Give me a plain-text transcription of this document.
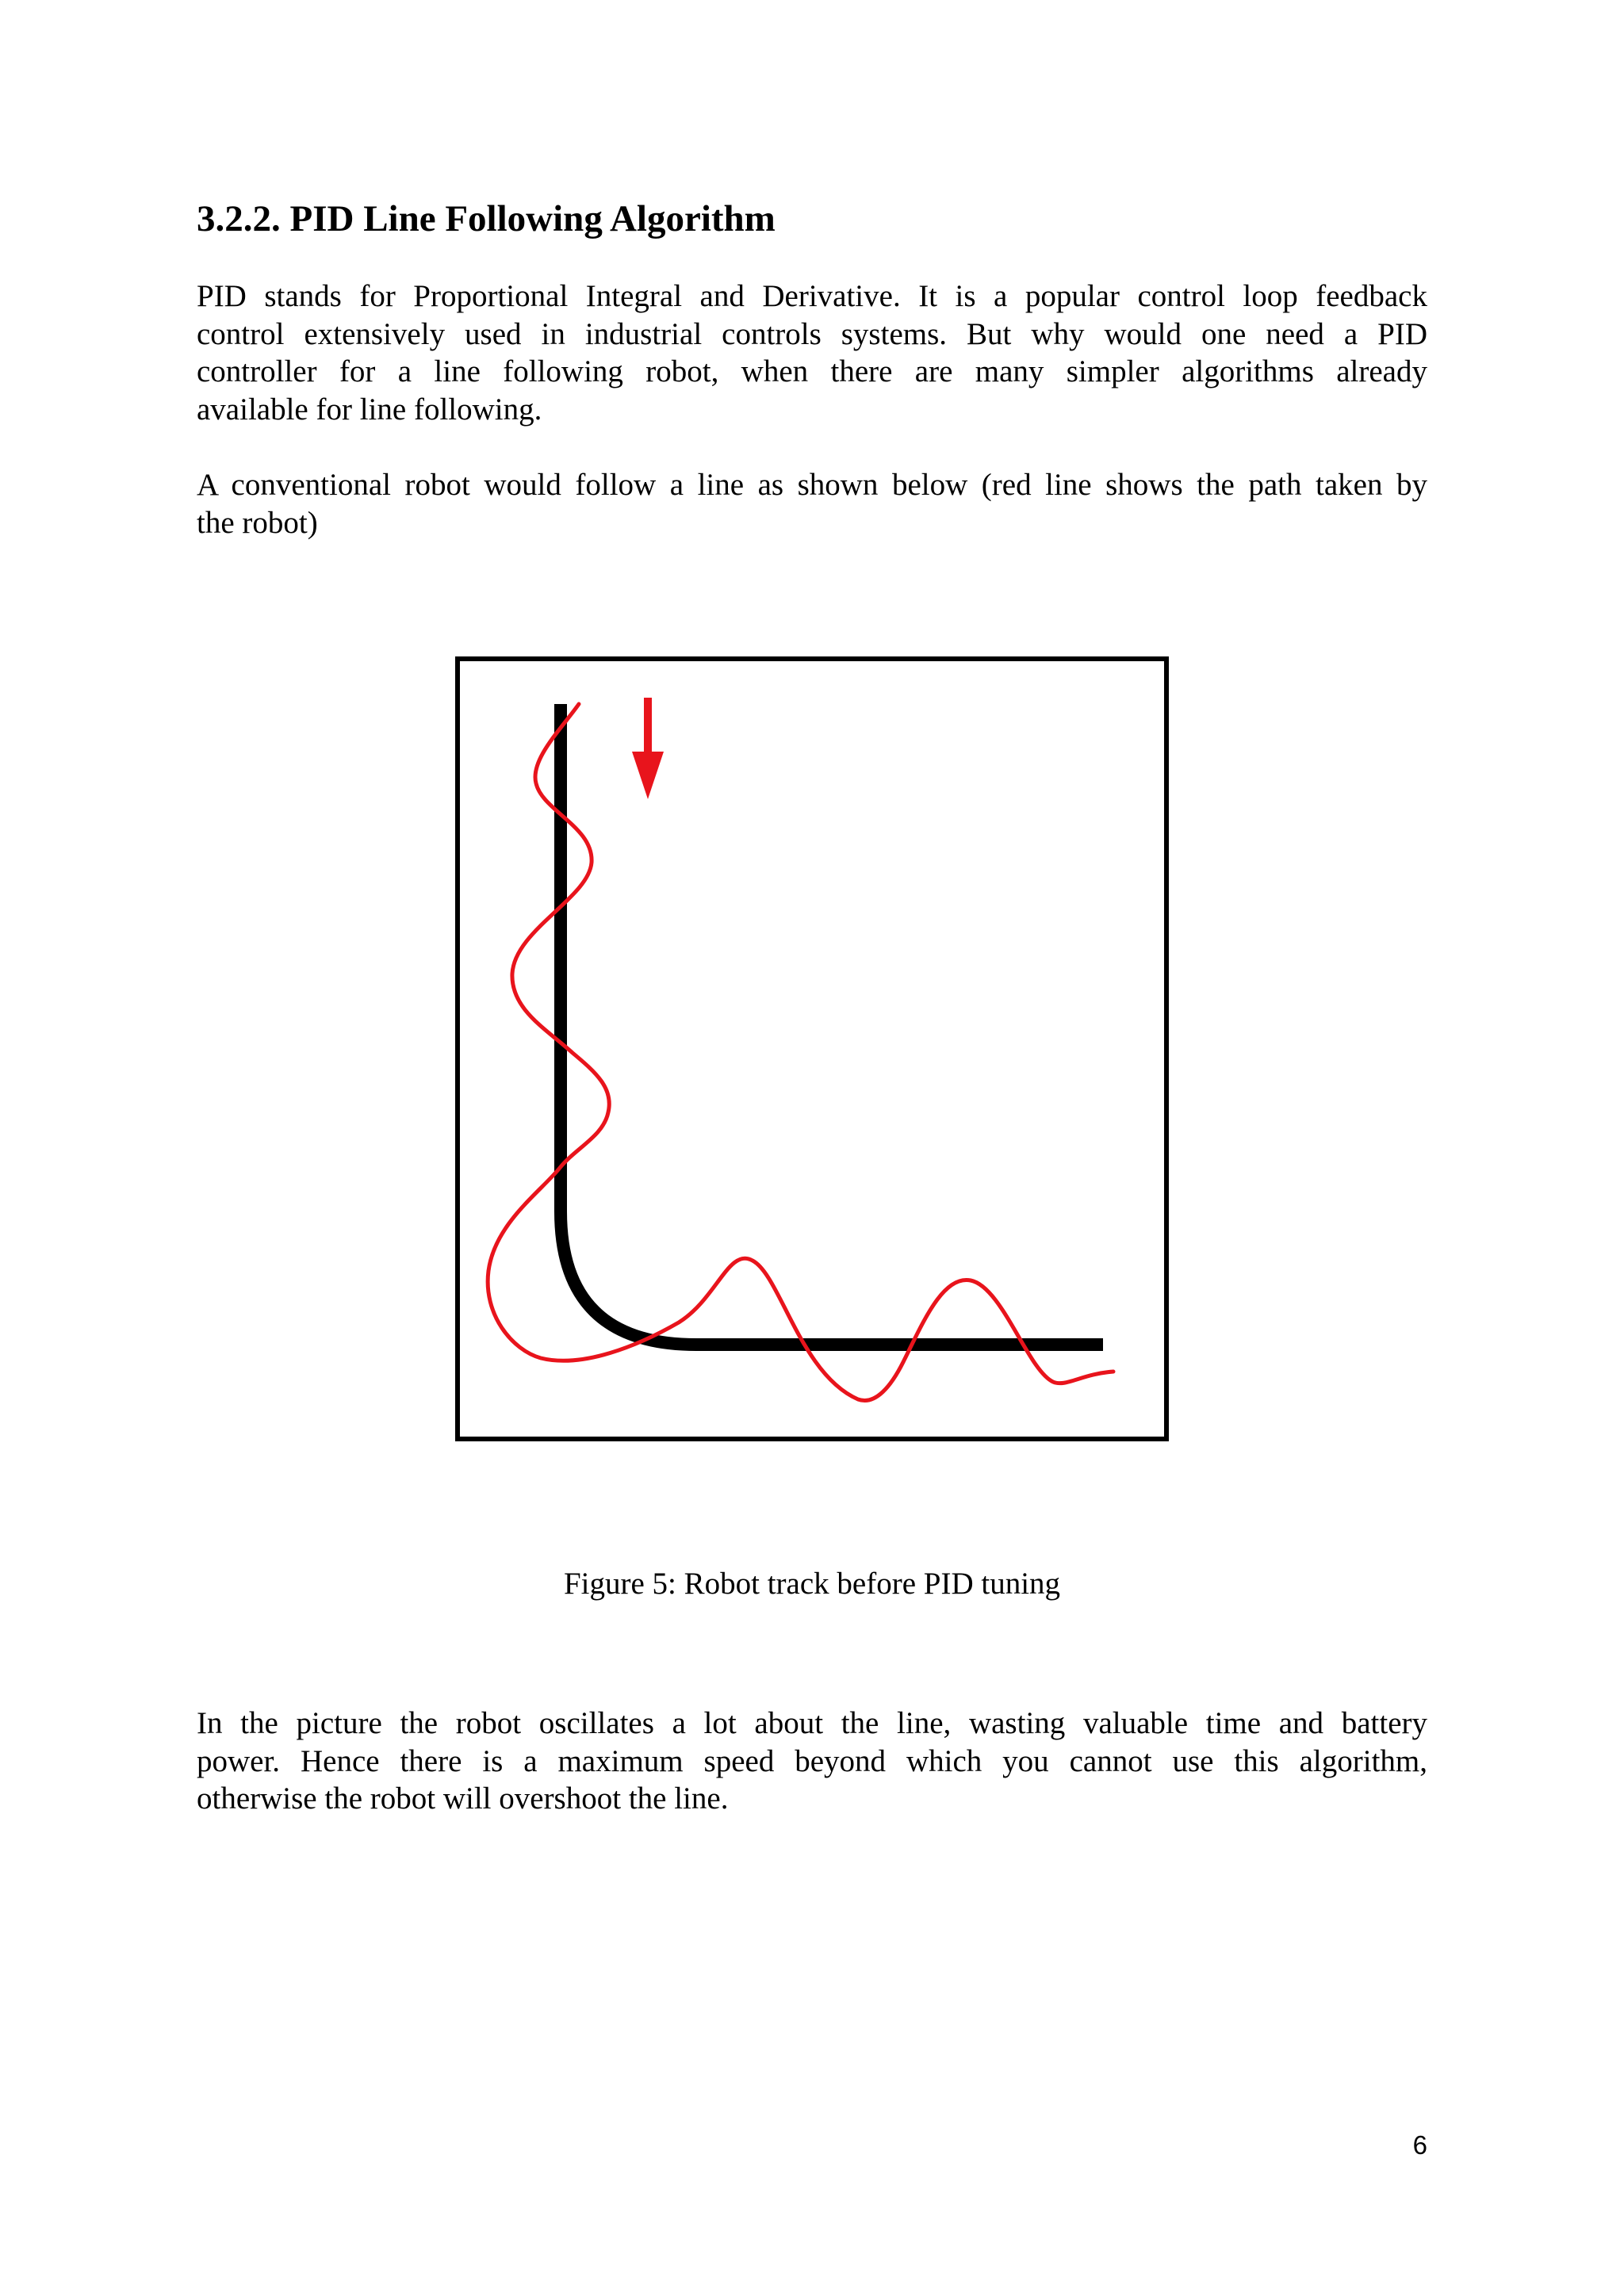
3.2.2. PID Line Following Algorithm
PID stands for Proportional Integral and Derivative. It is a popular control loop feedback
control extensively used in industrial controls systems. But why would one need a PID
controller for a line following robot, when there are many simpler algorithms already
available for line following.
A conventional robot would follow a line as shown below (red line shows the path taken by
the robot)

Figure 5: Robot track before PID tuning

In the picture the robot oscillates a lot about the line, wasting valuable time and battery
power. Hence there is a maximum speed beyond which you cannot use this algorithm,
otherwise the robot will overshoot the line.

6
